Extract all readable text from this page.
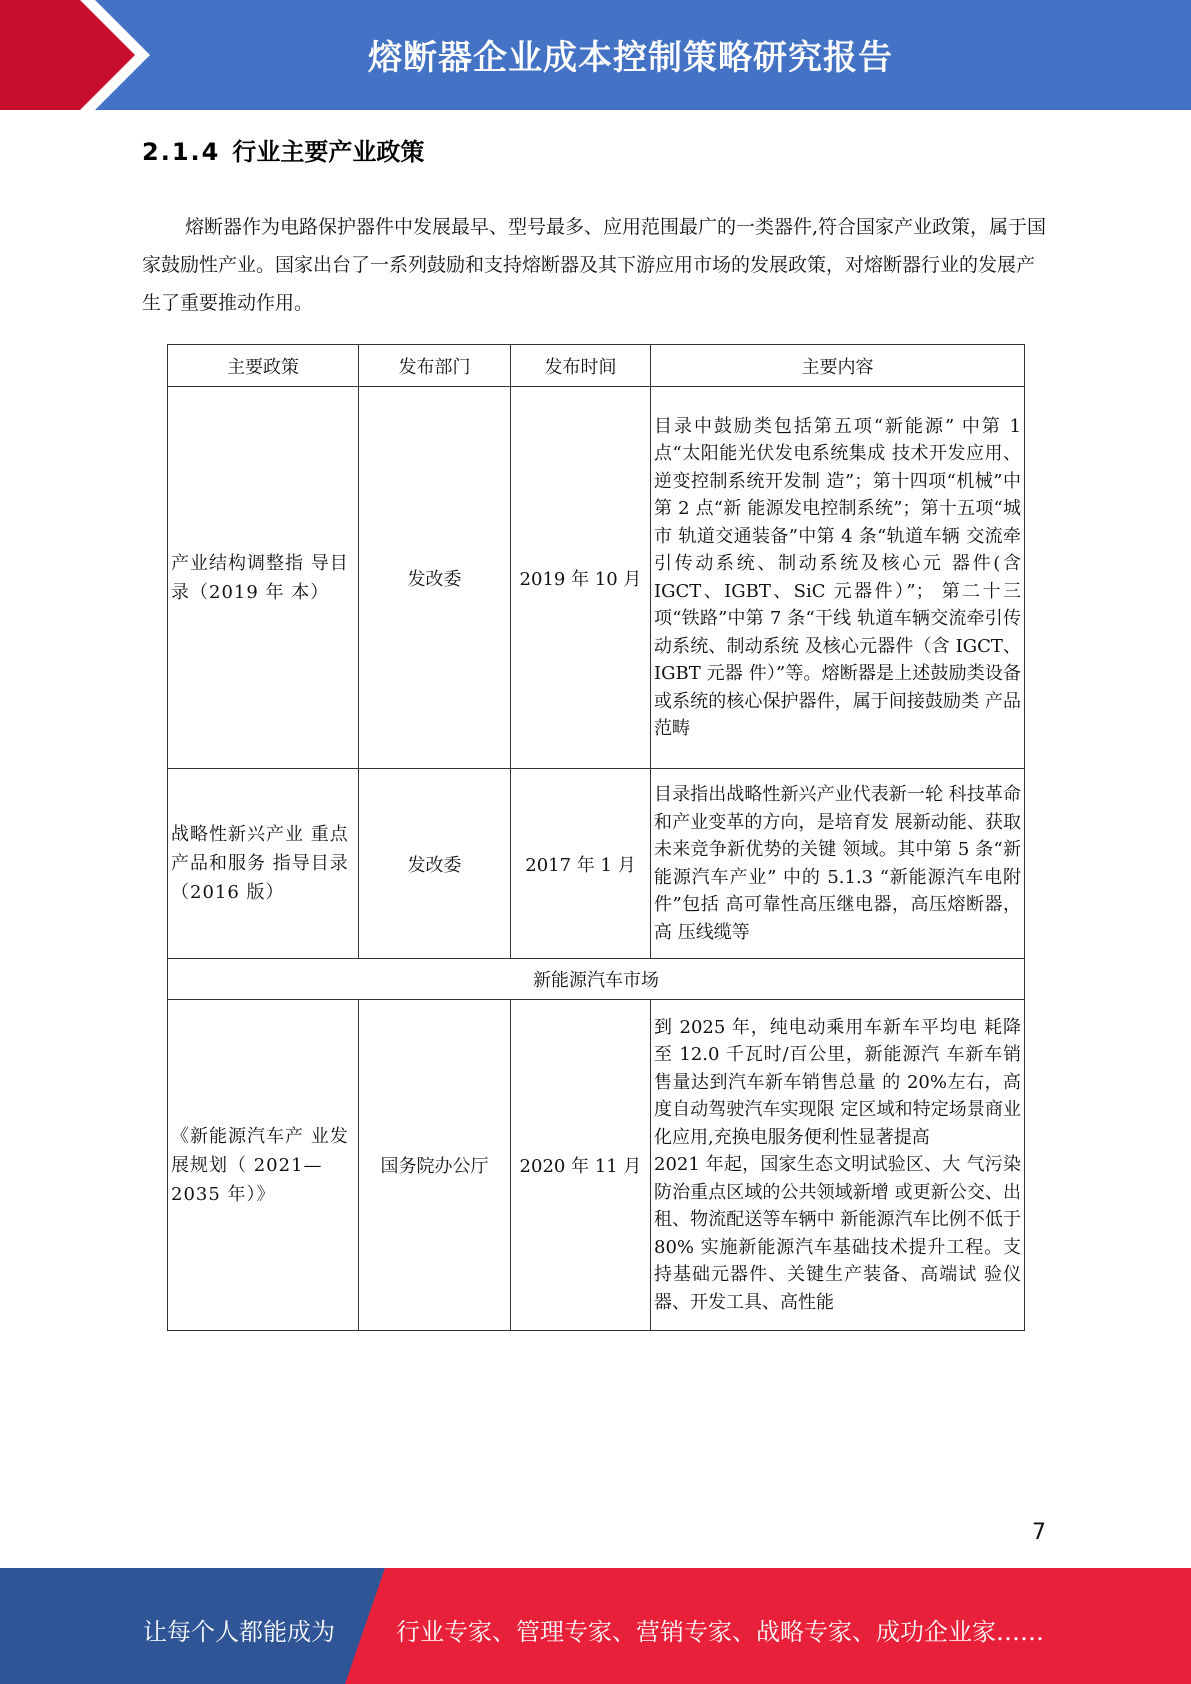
熔断器企业成本控制策略研究报告
2.1.4 行业主要产业政策

熔断器作为电路保护器件中发展最早、型号最多、应用范围最广的一类器件,符合国家产业政策，属于国家鼓励性产业。国家出台了一系列鼓励和支持熔断器及其下游应用市场的发展政策，对熔断器行业的发展产生了重要推动作用。

主要政策	发布部门	发布时间	主要内容
产业结构调整指 导目录（2019 年 本）	发改委	2019 年 10 月	目录中鼓励类包括第五项“新能源” 中第 1 点“太阳能光伏发电系统集成 技术开发应用、逆变控制系统开发制 造”；第十四项“机械”中第 2 点“新 能源发电控制系统”；第十五项“城市 轨道交通装备”中第 4 条“轨道车辆 交流牵引传动系统、制动系统及核心元 器件(含 IGCT、IGBT、SiC 元器件）”； 第二十三项“铁路”中第 7 条“干线 轨道车辆交流牵引传动系统、制动系统 及核心元器件（含 IGCT、IGBT 元器 件）”等。熔断器是上述鼓励类设备或系统的核心保护器件，属于间接鼓励类 产品范畴
战略性新兴产业 重点产品和服务 指导目录（2016 版）	发改委	2017 年 1 月	目录指出战略性新兴产业代表新一轮 科技革命和产业变革的方向，是培育发 展新动能、获取未来竞争新优势的关键 领域。其中第 5 条“新能源汽车产业” 中的 5.1.3 “新能源汽车电附件”包括 高可靠性高压继电器，高压熔断器，高 压线缆等
新能源汽车市场			
《新能源汽车产 业发展规划（ 2021—2035 年）》	国务院办公厅	2020 年 11 月	到 2025 年，纯电动乘用车新车平均电 耗降至 12.0 千瓦时/百公里，新能源汽 车新车销售量达到汽车新车销售总量 的 20%左右，高度自动驾驶汽车实现限 定区域和特定场景商业化应用,充换电服务便利性显著提高
2021 年起，国家生态文明试验区、大 气污染防治重点区域的公共领域新增 或更新公交、出租、物流配送等车辆中 新能源汽车比例不低于 80% 实施新能源汽车基础技术提升工程。支 持基础元器件、关键生产装备、高端试 验仪器、开发工具、高性能
7
让每个人都能成为	行业专家、管理专家、营销专家、战略专家、成功企业家……
